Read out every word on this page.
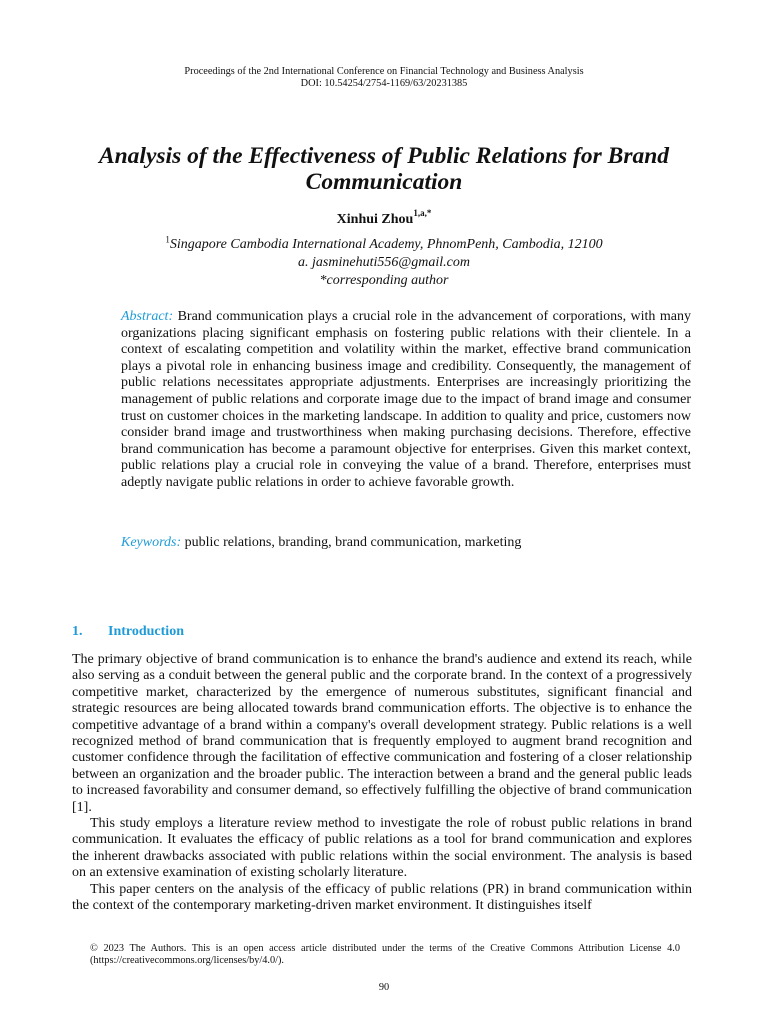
Proceedings of the 2nd International Conference on Financial Technology and Business Analysis
DOI: 10.54254/2754-1169/63/20231385
Analysis of the Effectiveness of Public Relations for Brand Communication
Xinhui Zhou$^{1,a,*}$
$^1$Singapore Cambodia International Academy, PhnomPenh, Cambodia, 12100
a. jasminehuti556@gmail.com
*corresponding author

Abstract: Brand communication plays a crucial role in the advancement of corporations, with many organizations placing significant emphasis on fostering public relations with their clientele. In a context of escalating competition and volatility within the market, effective brand communication plays a pivotal role in enhancing business image and credibility. Consequently, the management of public relations necessitates appropriate adjustments. Enterprises are increasingly prioritizing the management of public relations and corporate image due to the impact of brand image and consumer trust on customer choices in the marketing landscape. In addition to quality and price, customers now consider brand image and trustworthiness when making purchasing decisions. Therefore, effective brand communication has become a paramount objective for enterprises. Given this market context, public relations play a crucial role in conveying the value of a brand. Therefore, enterprises must adeptly navigate public relations in order to achieve favorable growth.

Keywords: public relations, branding, brand communication, marketing

1. Introduction

The primary objective of brand communication is to enhance the brand's audience and extend its reach, while also serving as a conduit between the general public and the corporate brand. In the context of a progressively competitive market, characterized by the emergence of numerous substitutes, significant financial and strategic resources are being allocated towards brand communication efforts. The objective is to enhance the competitive advantage of a brand within a company's overall development strategy. Public relations is a well recognized method of brand communication that is frequently employed to augment brand recognition and customer confidence through the facilitation of effective communication and fostering of a closer relationship between an organization and the broader public. The interaction between a brand and the general public leads to increased favorability and consumer demand, so effectively fulfilling the objective of brand communication [1].

This study employs a literature review method to investigate the role of robust public relations in brand communication. It evaluates the efficacy of public relations as a tool for brand communication and explores the inherent drawbacks associated with public relations within the social environment. The analysis is based on an extensive examination of existing scholarly literature.

This paper centers on the analysis of the efficacy of public relations (PR) in brand communication within the context of the contemporary marketing-driven market environment. It distinguishes itself

© 2023 The Authors. This is an open access article distributed under the terms of the Creative Commons Attribution License 4.0 (https://creativecommons.org/licenses/by/4.0/).
90
